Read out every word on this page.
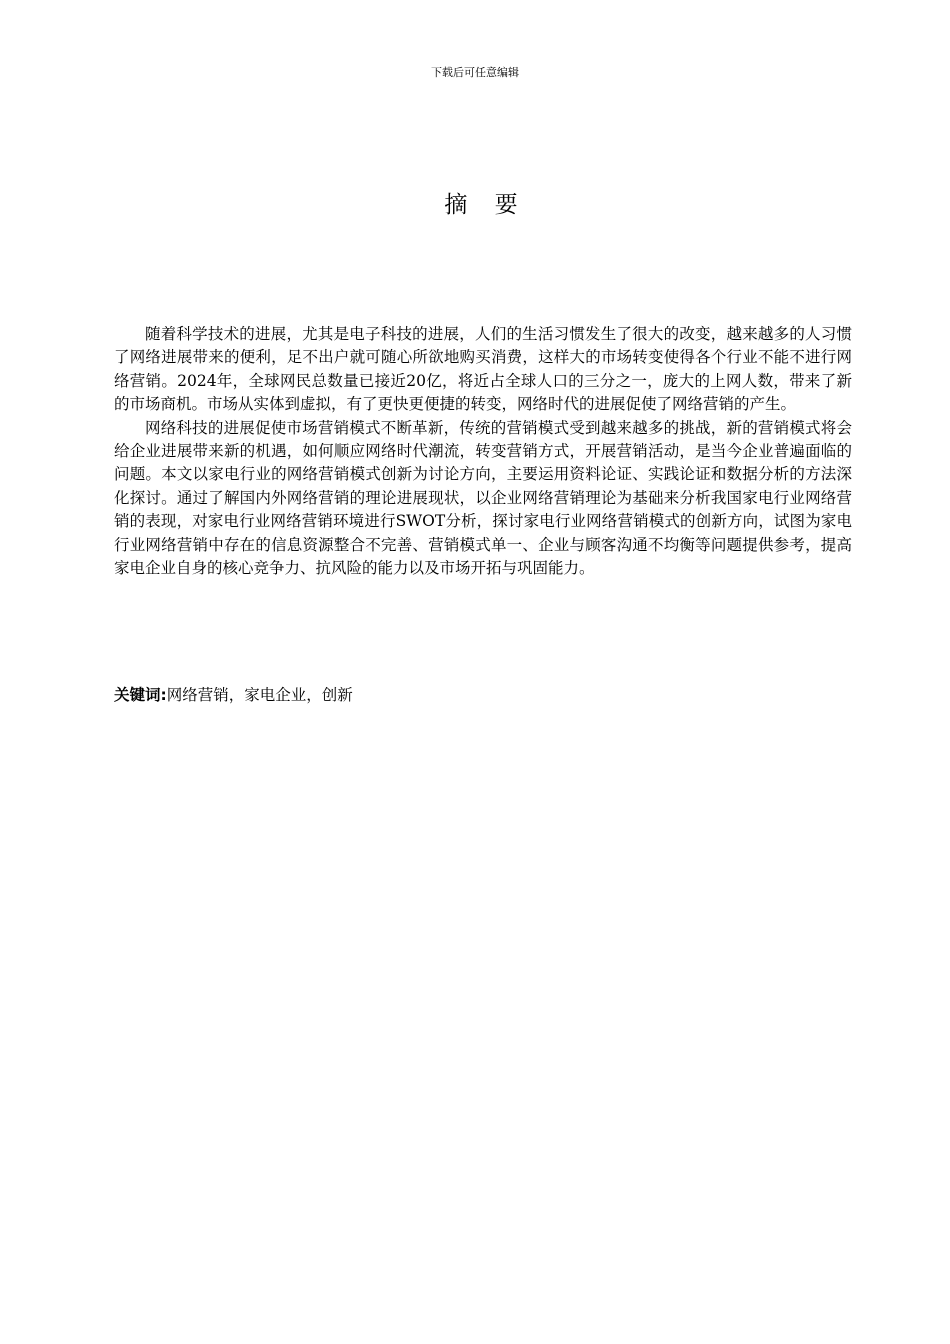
下载后可任意编辑
摘 要

随着科学技术的进展，尤其是电子科技的进展，人们的生活习惯发生了很大的改变，越来越多的人习惯了网络进展带来的便利，足不出户就可随心所欲地购买消费，这样大的市场转变使得各个行业不能不进行网络营销。2024年，全球网民总数量已接近20亿，将近占全球人口的三分之一，庞大的上网人数，带来了新的市场商机。市场从实体到虚拟，有了更快更便捷的转变，网络时代的进展促使了网络营销的产生。

网络科技的进展促使市场营销模式不断革新，传统的营销模式受到越来越多的挑战，新的营销模式将会给企业进展带来新的机遇，如何顺应网络时代潮流，转变营销方式，开展营销活动，是当今企业普遍面临的问题。本文以家电行业的网络营销模式创新为讨论方向，主要运用资料论证、实践论证和数据分析的方法深化探讨。通过了解国内外网络营销的理论进展现状，以企业网络营销理论为基础来分析我国家电行业网络营销的表现，对家电行业网络营销环境进行SWOT分析，探讨家电行业网络营销模式的创新方向，试图为家电行业网络营销中存在的信息资源整合不完善、营销模式单一、企业与顾客沟通不均衡等问题提供参考，提高家电企业自身的核心竞争力、抗风险的能力以及市场开拓与巩固能力。

关键词:网络营销，家电企业，创新
